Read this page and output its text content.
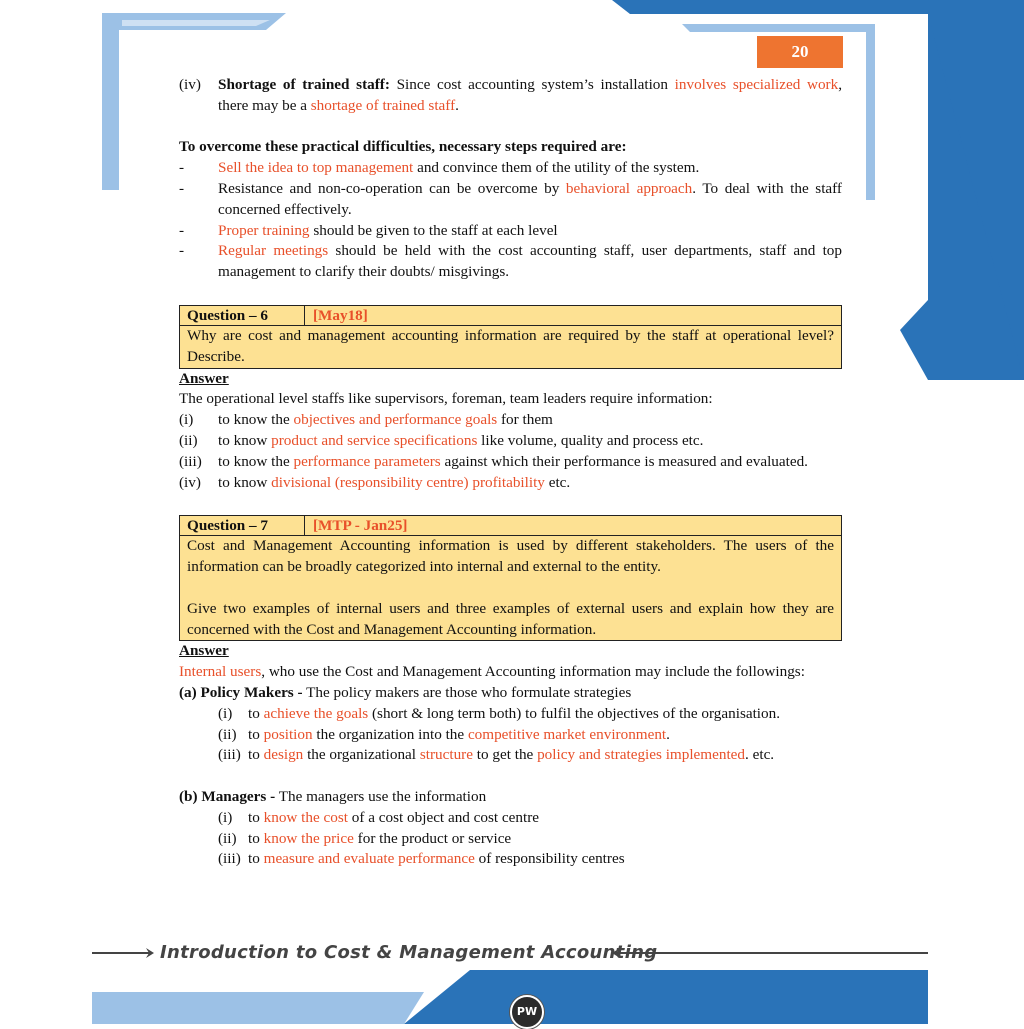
20
(iv)	Shortage of trained staff: Since cost accounting system’s installation involves specialized work, there may be a shortage of trained staff.
To overcome these practical difficulties, necessary steps required are:
-	Sell the idea to top management and convince them of the utility of the system.
-	Resistance and non-co-operation can be overcome by behavioral approach. To deal with the staff concerned effectively.
-	Proper training should be given to the staff at each level
-	Regular meetings should be held with the cost accounting staff, user departments, staff and top management to clarify their doubts/ misgivings.
Question – 6	[May18]
Why are cost and management accounting information are required by the staff at operational level? Describe.
Answer
The operational level staffs like supervisors, foreman, team leaders require information:
(i)	to know the objectives and performance goals for them
(ii)	to know product and service specifications like volume, quality and process etc.
(iii)	to know the performance parameters against which their performance is measured and evaluated.
(iv)	to know divisional (responsibility centre) profitability etc.
Question – 7	[MTP - Jan25]
Cost and Management Accounting information is used by different stakeholders. The users of the information can be broadly categorized into internal and external to the entity.
Give two examples of internal users and three examples of external users and explain how they are concerned with the Cost and Management Accounting information.
Answer
Internal users, who use the Cost and Management Accounting information may include the followings:
(a) Policy Makers - The policy makers are those who formulate strategies
(i)	to achieve the goals (short & long term both) to fulfil the objectives of the organisation.
(ii) to position the organization into the competitive market environment.
(iii) to design the organizational structure to get the policy and strategies implemented. etc.
(b) Managers - The managers use the information
(i)	to know the cost of a cost object and cost centre
(ii) to know the price for the product or service
(iii) to measure and evaluate performance of responsibility centres
Introduction to Cost & Management Accounting
PW
